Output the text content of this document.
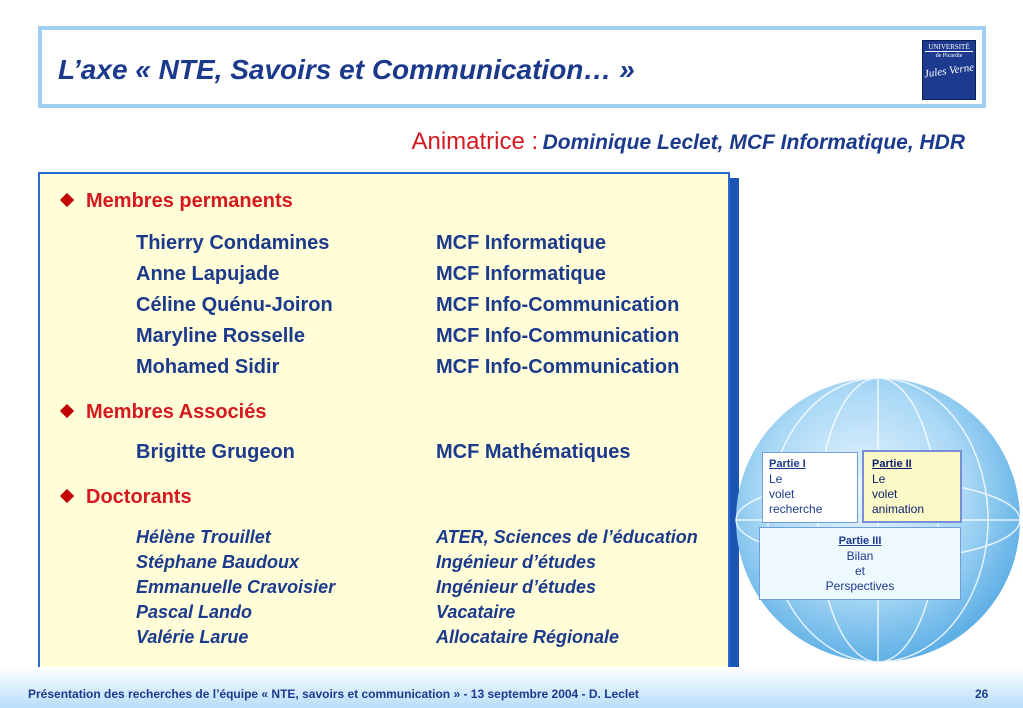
L’axe « NTE, Savoirs et Communication… »
UNIVERSITÉ
de Picardie
Jules Verne
Animatrice : Dominique Leclet, MCF Informatique, HDR
Membres permanents
Thierry Condamines	MCF Informatique
Anne Lapujade	MCF Informatique
Céline Quénu-Joiron	MCF Info-Communication
Maryline Rosselle	MCF Info-Communication
Mohamed Sidir	MCF Info-Communication
Membres Associés
Brigitte Grugeon	MCF Mathématiques
Doctorants
Hélène Trouillet	ATER, Sciences de l’éducation
Stéphane Baudoux	Ingénieur d’études
Emmanuelle Cravoisier	Ingénieur d’études
Pascal Lando	Vacataire
Valérie Larue	Allocataire Régionale
Partie I
Le
volet
recherche
Partie II
Le
volet
animation
Partie III
Bilan
et
Perspectives
Présentation des recherches de l’équipe « NTE, savoirs et communication » - 13 septembre 2004 - D. Leclet	26
